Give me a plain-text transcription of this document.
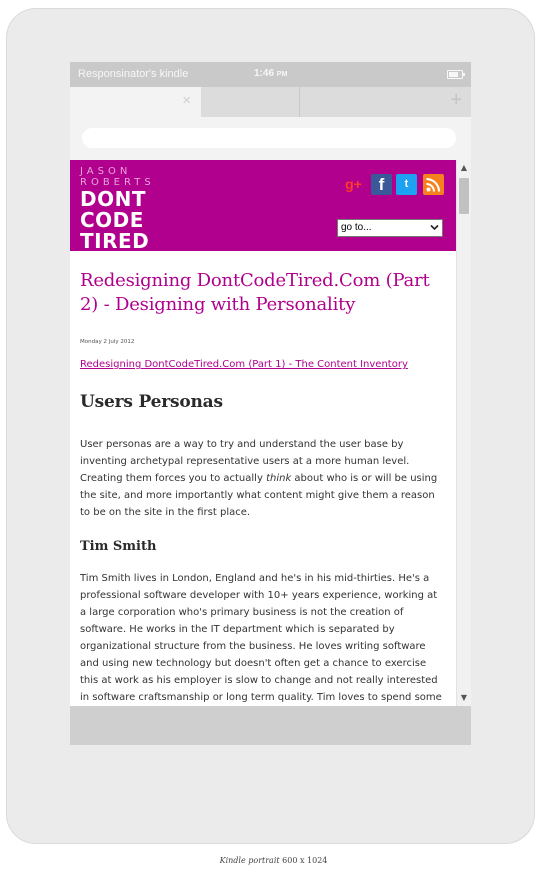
Responsinator's kindle	1:46 PM
×	+
JASON
ROBERTS
DONT
CODE
TIRED
g+ f	t
go to...
Redesigning DontCodeTired.Com (Part 2) - Designing with Personality
Monday 2 July 2012
Redesigning DontCodeTired.Com (Part 1) - The Content Inventory
Users Personas

User personas are a way to try and understand the user base by inventing archetypal representative users at a more human level. Creating them forces you to actually think about who is or will be using the site, and more importantly what content might give them a reason to be on the site in the first place.

Tim Smith

Tim Smith lives in London, England and he's in his mid-thirties. He's a professional software developer with 10+ years experience, working at a large corporation who's primary business is not the creation of software. He works in the IT department which is separated by organizational structure from the business. He loves writing software and using new technology but doesn't often get a chance to exercise this at work as his employer is slow to change and not really interested in software craftsmanship or long term quality. Tim loves to spend some

▲
▼
Kindle portrait 600 x 1024
